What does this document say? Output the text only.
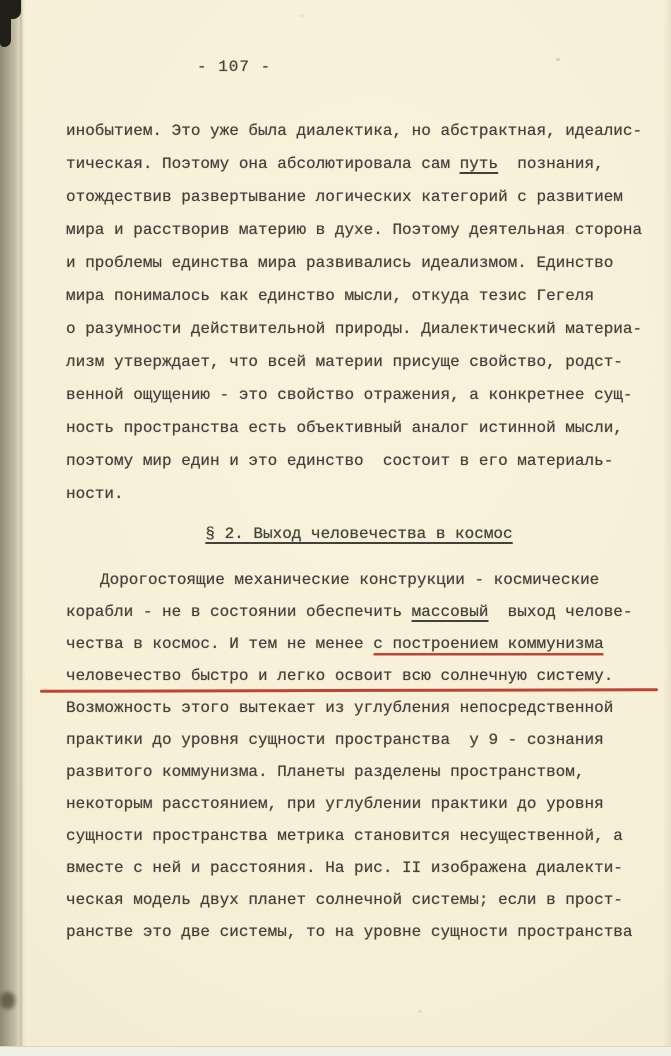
- 107 -
инобытием. Это уже была диалектика, но абстрактная, идеалис-
тическая. Поэтому она абсолютировала сам путь  познания,
отождествив развертывание логических категорий с развитием
мира и расстворив материю в духе. Поэтому деятельная сторона
и проблемы единства мира развивались идеализмом. Единство
мира понималось как единство мысли, откуда тезис Гегеля
о разумности действительной природы. Диалектический материа-
лизм утверждает, что всей материи присуще свойство, родст-
венной ощущению - это свойство отражения, а конкретнее сущ-
ность пространства есть объективный аналог истинной мысли,
поэтому мир един и это единство  состоит в его материаль-
ности.
§ 2. Выход человечества в космос
Дорогостоящие механические конструкции - космические
корабли - не в состоянии обеспечить массовый  выход челове-
чества в космос. И тем не менее с построением коммунизма
человечество быстро и легко освоит всю солнечную систему.
Возможность этого вытекает из углубления непосредственной
практики до уровня сущности пространства  у 9 - сознания
развитого коммунизма. Планеты разделены пространством,
некоторым расстоянием, при углублении практики до уровня
сущности пространства метрика становится несущественной, а
вместе с ней и расстояния. На рис. II изображена диалекти-
ческая модель двух планет солнечной системы; если в прост-
ранстве это две системы, то на уровне сущности пространства
